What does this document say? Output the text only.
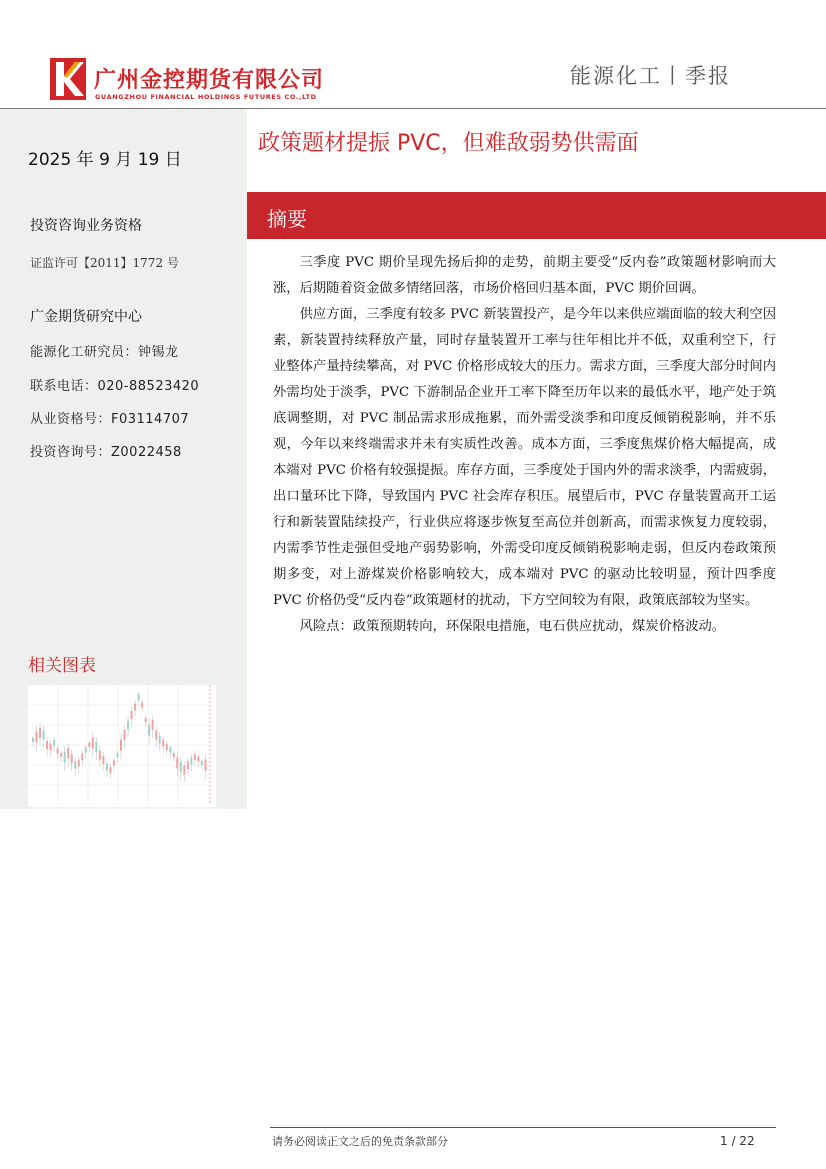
广州金控期货有限公司
GUANGZHOU FINANCIAL HOLDINGS FUTURES CO.,LTD
能源化工丨季报
2025 年 9 月 19 日
投资咨询业务资格
证监许可【2011】1772 号
广金期货研究中心
能源化工研究员：钟锡龙
联系电话：020-88523420
从业资格号：F03114707
投资咨询号：Z0022458
相关图表
政策题材提振 PVC，但难敌弱势供需面
摘要

三季度 PVC 期价呈现先扬后抑的走势，前期主要受“反内卷”政策题材影响而大涨，后期随着资金做多情绪回落，市场价格回归基本面，PVC 期价回调。

供应方面，三季度有较多 PVC 新装置投产，是今年以来供应端面临的较大利空因素，新装置持续释放产量，同时存量装置开工率与往年相比并不低，双重利空下，行业整体产量持续攀高，对 PVC 价格形成较大的压力。需求方面，三季度大部分时间内外需均处于淡季，PVC 下游制品企业开工率下降至历年以来的最低水平，地产处于筑底调整期，对 PVC 制品需求形成拖累，而外需受淡季和印度反倾销税影响，并不乐观，今年以来终端需求并未有实质性改善。成本方面，三季度焦煤价格大幅提高，成本端对 PVC 价格有较强提振。库存方面，三季度处于国内外的需求淡季，内需疲弱，出口量环比下降，导致国内 PVC 社会库存积压。展望后市，PVC 存量装置高开工运行和新装置陆续投产，行业供应将逐步恢复至高位并创新高，而需求恢复力度较弱，内需季节性走强但受地产弱势影响，外需受印度反倾销税影响走弱，但反内卷政策预期多变，对上游煤炭价格影响较大，成本端对 PVC 的驱动比较明显，预计四季度 PVC 价格仍受“反内卷”政策题材的扰动，下方空间较为有限，政策底部较为坚实。

风险点：政策预期转向，环保限电措施，电石供应扰动，煤炭价格波动。

请务必阅读正文之后的免责条款部分	1 / 22
